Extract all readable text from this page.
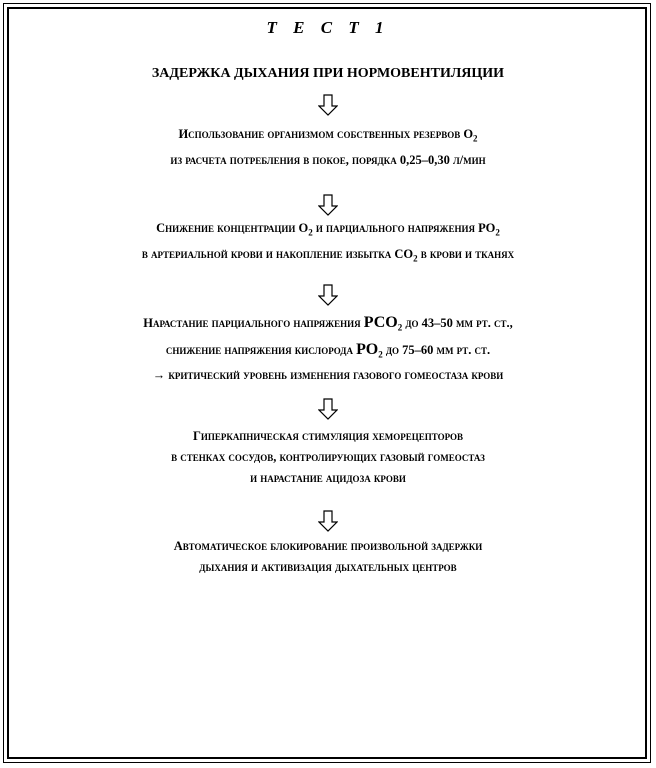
Т Е С Т 1
ЗАДЕРЖКА ДЫХАНИЯ ПРИ НОРМОВЕНТИЛЯЦИИ
Использование организмом собственных резервов $О_2$
из расчета потребления в покое, порядка 0,25–0,30 л/мин
Снижение концентрации $О_2$ и парциального напряжения $РО_2$
в артериальной крови и накопление избытка $СО_2$ в крови и тканях
Нарастание парциального напряжения $РСО_2$ до 43–50 мм рт. ст.,
снижение напряжения кислорода $РО_2$ до 75–60 мм рт. ст.
→ критический уровень изменения газового гомеостаза крови
Гиперкапническая стимуляция хеморецепторов
в стенках сосудов, контролирующих газовый гомеостаз
и нарастание ацидоза крови
Автоматическое блокирование произвольной задержки
дыхания и активизация дыхательных центров
